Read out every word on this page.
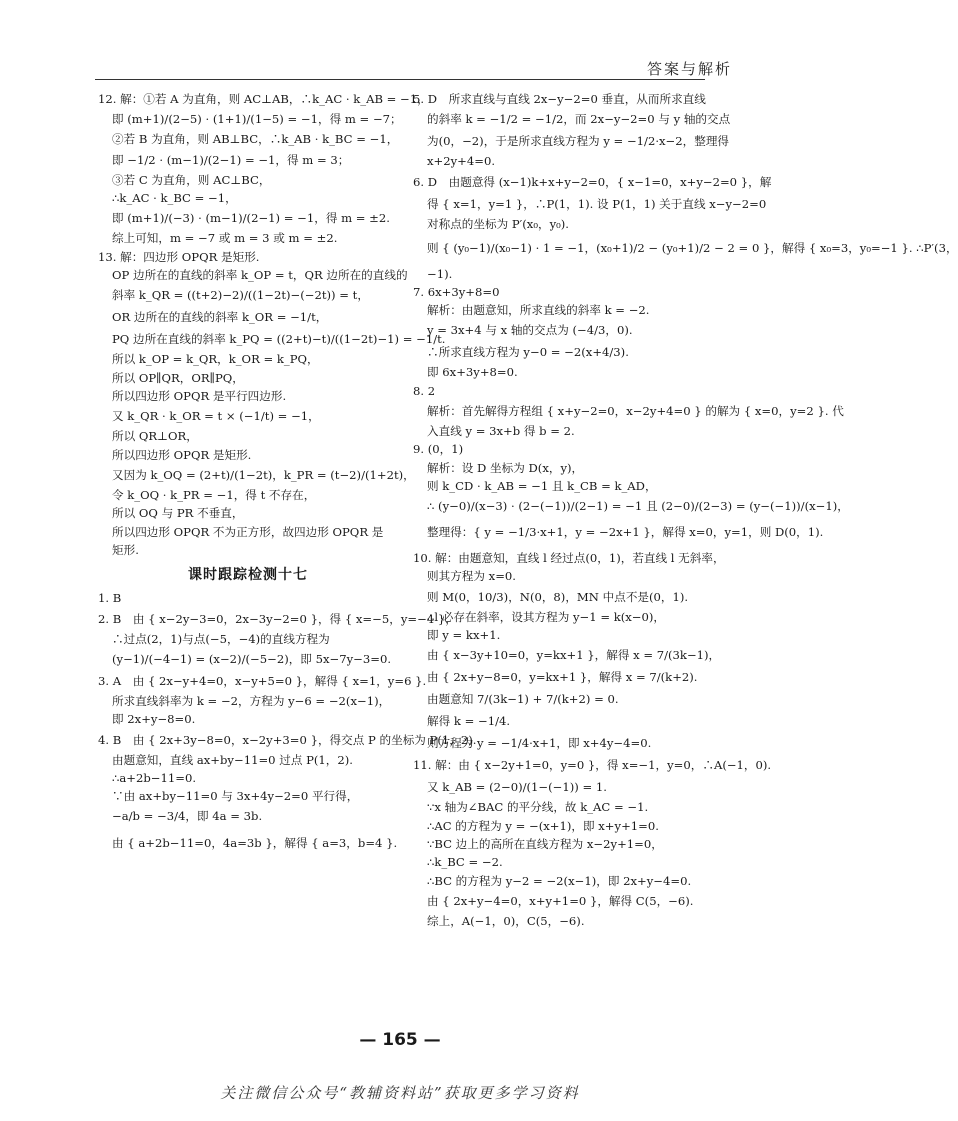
答案与解析

12. 解：①若 A 为直角，则 AC⊥AB，∴k_AC · k_AB = −1，

即 (m+1)/(2−5) · (1+1)/(1−5) = −1，得 m = −7；

②若 B 为直角，则 AB⊥BC，∴k_AB · k_BC = −1，

即 −1/2 · (m−1)/(2−1) = −1，得 m = 3；

③若 C 为直角，则 AC⊥BC，

∴k_AC · k_BC = −1，

即 (m+1)/(−3) · (m−1)/(2−1) = −1，得 m = ±2.

综上可知，m = −7 或 m = 3 或 m = ±2.

13. 解：四边形 OPQR 是矩形.

OP 边所在的直线的斜率 k_OP = t，QR 边所在的直线的

斜率 k_QR = ((t+2)−2)/((1−2t)−(−2t)) = t，

OR 边所在的直线的斜率 k_OR = −1/t，

PQ 边所在直线的斜率 k_PQ = ((2+t)−t)/((1−2t)−1) = −1/t.

所以 k_OP = k_QR，k_OR = k_PQ，

所以 OP∥QR，OR∥PQ，

所以四边形 OPQR 是平行四边形.

又 k_QR · k_OR = t × (−1/t) = −1，

所以 QR⊥OR，

所以四边形 OPQR 是矩形.

又因为 k_OQ = (2+t)/(1−2t)，k_PR = (t−2)/(1+2t)，

令 k_OQ · k_PR = −1，得 t 不存在，

所以 OQ 与 PR 不垂直，

所以四边形 OPQR 不为正方形，故四边形 OPQR 是

矩形.

课时跟踪检测十七

1. B

2. B　由 { x−2y−3=0，2x−3y−2=0 }，得 { x=−5，y=−4 }，

∴过点(2，1)与点(−5，−4)的直线方程为

(y−1)/(−4−1) = (x−2)/(−5−2)，即 5x−7y−3=0.

3. A　由 { 2x−y+4=0，x−y+5=0 }，解得 { x=1，y=6 }.

所求直线斜率为 k = −2，方程为 y−6 = −2(x−1)，

即 2x+y−8=0.

4. B　由 { 2x+3y−8=0，x−2y+3=0 }，得交点 P 的坐标为 P(1，2).

由题意知，直线 ax+by−11=0 过点 P(1，2).

∴a+2b−11=0.

∵由 ax+by−11=0 与 3x+4y−2=0 平行得，

−a/b = −3/4，即 4a = 3b.

由 { a+2b−11=0，4a=3b }，解得 { a=3，b=4 }.

5. D　所求直线与直线 2x−y−2=0 垂直，从而所求直线

的斜率 k = −1/2 = −1/2，而 2x−y−2=0 与 y 轴的交点

为(0，−2)，于是所求直线方程为 y = −1/2·x−2，整理得

x+2y+4=0.

6. D　由题意得 (x−1)k+x+y−2=0，{ x−1=0，x+y−2=0 }，解

得 { x=1，y=1 }，∴P(1，1). 设 P(1，1) 关于直线 x−y−2=0

对称点的坐标为 P′(x₀，y₀).

则 { (y₀−1)/(x₀−1) · 1 = −1，(x₀+1)/2 − (y₀+1)/2 − 2 = 0 }，解得 { x₀=3，y₀=−1 }. ∴P′(3，

−1).

7. 6x+3y+8=0

解析：由题意知，所求直线的斜率 k = −2.

y = 3x+4 与 x 轴的交点为 (−4/3，0).

∴所求直线方程为 y−0 = −2(x+4/3).

即 6x+3y+8=0.

8. 2

解析：首先解得方程组 { x+y−2=0，x−2y+4=0 } 的解为 { x=0，y=2 }. 代

入直线 y = 3x+b 得 b = 2.

9. (0，1)

解析：设 D 坐标为 D(x，y)，

则 k_CD · k_AB = −1 且 k_CB = k_AD，

∴ (y−0)/(x−3) · (2−(−1))/(2−1) = −1 且 (2−0)/(2−3) = (y−(−1))/(x−1)，

整理得：{ y = −1/3·x+1，y = −2x+1 }，解得 x=0，y=1，则 D(0，1).

10. 解：由题意知，直线 l 经过点(0，1)，若直线 l 无斜率，

则其方程为 x=0.

则 M(0，10/3)，N(0，8)，MN 中点不是(0，1).

∴l 必存在斜率，设其方程为 y−1 = k(x−0)，

即 y = kx+1.

由 { x−3y+10=0，y=kx+1 }，解得 x = 7/(3k−1)，

由 { 2x+y−8=0，y=kx+1 }，解得 x = 7/(k+2).

由题意知 7/(3k−1) + 7/(k+2) = 0.

解得 k = −1/4.

则方程为 y = −1/4·x+1，即 x+4y−4=0.

11. 解：由 { x−2y+1=0，y=0 }，得 x=−1，y=0，∴A(−1，0).

又 k_AB = (2−0)/(1−(−1)) = 1.

∵x 轴为∠BAC 的平分线，故 k_AC = −1.

∴AC 的方程为 y = −(x+1)，即 x+y+1=0.

∵BC 边上的高所在直线方程为 x−2y+1=0，

∴k_BC = −2.

∴BC 的方程为 y−2 = −2(x−1)，即 2x+y−4=0.

由 { 2x+y−4=0，x+y+1=0 }，解得 C(5，−6).

综上，A(−1，0)，C(5，−6).

— 165 —
关注微信公众号“教辅资料站”获取更多学习资料
